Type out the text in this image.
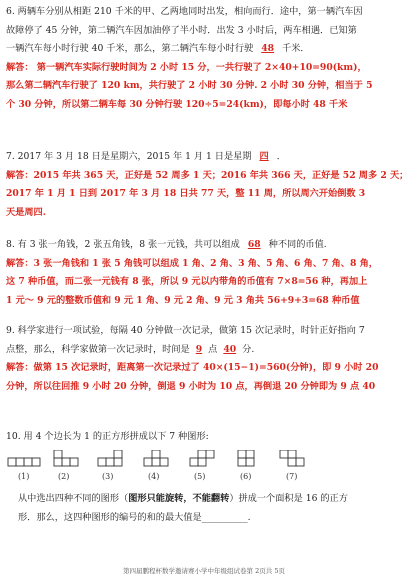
6. 两辆车分别从相距 210 千米的甲、乙两地同时出发，相向而行．途中，第一辆汽车因

故障停了 45 分钟，第二辆汽车因加油停了半小时．出发 3 小时后，两车相遇．已知第

一辆汽车每小时行驶 40 千米，那么，第二辆汽车每小时行驶 48 千米．

解答： 第一辆汽车实际行驶时间为 2 小时 15 分，一共行驶了 2×40+10=90(km)，

那么第二辆汽车行驶了 120 km，共行驶了 2 小时 30 分钟. 2 小时 30 分钟，相当于 5

个 30 分钟，所以第二辆车每 30 分钟行驶 120÷5=24(km)，即每小时 48 千米

7. 2017 年 3 月 18 日是星期六，2015 年 1 月 1 日是星期 四 ．

解答：2015 年共 365 天，正好是 52 周多 1 天；2016 年共 366 天，正好是 52 周多 2 天；

2017 年 1 月 1 日到 2017 年 3 月 18 日共 77 天，整 11 周，所以周六开始倒数 3

天是周四.

8. 有 3 张一角钱，2 张五角钱，8 张一元钱，共可以组成 68 种不同的币值.

解答：3 张一角钱和 1 张 5 角钱可以组成 1 角、2 角、3 角、5 角、6 角、7 角、8 角，

这 7 种币值，而二张一元钱有 8 张，所以 9 元以内带角的币值有 7×8=56 种，再加上

1 元～ 9 元的整数币值和 9 元 1 角、9 元 2 角、9 元 3 角共 56+9+3=68 种币值

9. 科学家进行一项试验，每隔 40 分钟做一次记录，做第 15 次记录时，时针正好指向 7

点整，那么，科学家做第一次记录时，时间是 9 点 40 分.

解答：做第 15 次记录时，距离第一次记录过了 40×(15−1)=560(分钟)，即 9 小时 20

分钟，所以往回推 9 小时 20 分钟，倒退 9 小时为 10 点，再倒退 20 分钟即为 9 点 40

10. 用 4 个边长为 1 的正方形拼成以下 7 种图形:

(1)	(2)	(3)	(4)	(5)	(6)	(7)

从中选出四种不同的图形（图形只能旋转，不能翻转）拼成一个面积是 16 的正方

形．那么，这四种图形的编号的和的最大值是__________.

第四届鹏程杯数学邀请赛小学中年级组试卷第 2页共 5页
